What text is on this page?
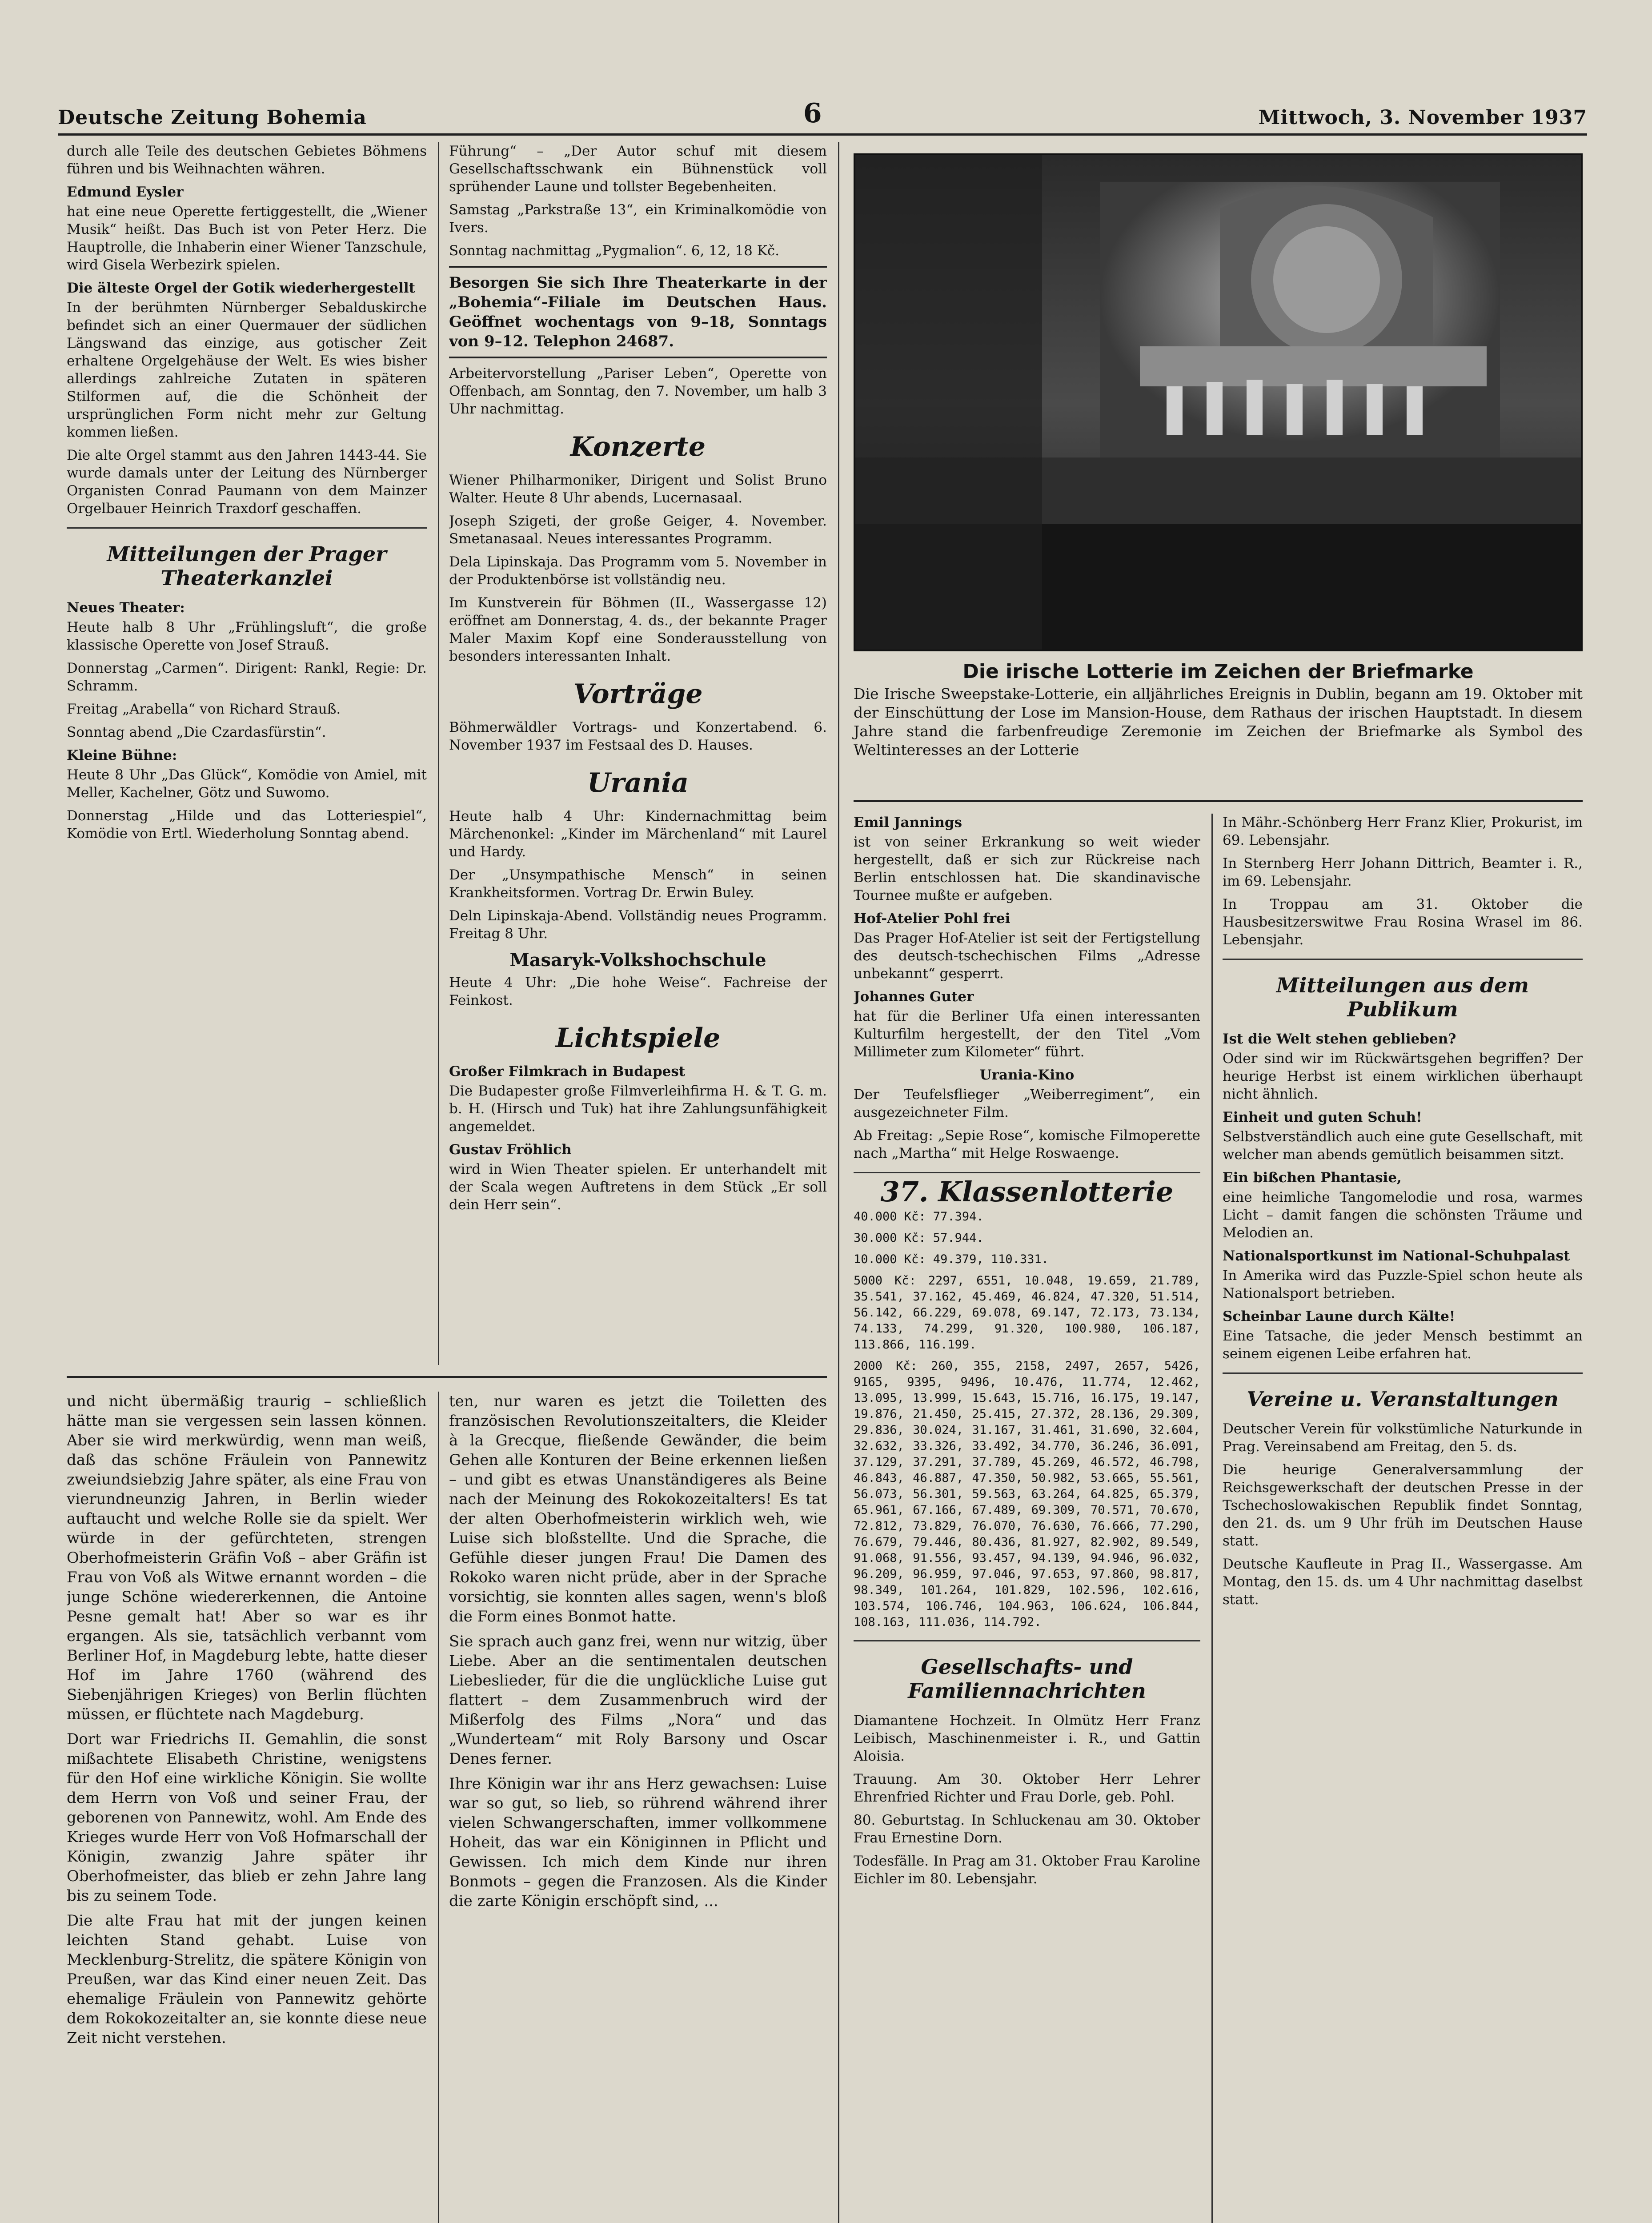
Deutsche Zeitung Bohemia	6	Mittwoch, 3. November 1937

durch alle Teile des deutschen Gebietes Böhmens führen und bis Weihnachten währen.

Edmund Eysler

hat eine neue Operette fertiggestellt, die „Wiener Musik“ heißt. Das Buch ist von Peter Herz. Die Hauptrolle, die Inhaberin einer Wiener Tanzschule, wird Gisela Werbezirk spielen.

Die älteste Orgel der Gotik wiederhergestellt

In der berühmten Nürnberger Sebalduskirche befindet sich an einer Quermauer der südlichen Längswand das einzige, aus gotischer Zeit erhaltene Orgelgehäuse der Welt. Es wies bisher allerdings zahlreiche Zutaten in späteren Stilformen auf, die die Schönheit der ursprünglichen Form nicht mehr zur Geltung kommen ließen.

Die alte Orgel stammt aus den Jahren 1443-44. Sie wurde damals unter der Leitung des Nürnberger Organisten Conrad Paumann von dem Mainzer Orgelbauer Heinrich Traxdorf geschaffen.

Mitteilungen der Prager Theaterkanzlei

Neues Theater:

Heute halb 8 Uhr „Frühlingsluft“, die große klassische Operette von Josef Strauß.

Donnerstag „Carmen“. Dirigent: Rankl, Regie: Dr. Schramm.

Freitag „Arabella“ von Richard Strauß.

Sonntag abend „Die Czardasfürstin“.

Kleine Bühne:

Heute 8 Uhr „Das Glück“, Komödie von Amiel, mit Meller, Kachelner, Götz und Suwomo.

Donnerstag „Hilde und das Lotteriespiel“, Komödie von Ertl. Wiederholung Sonntag abend.

Führung“ – „Der Autor schuf mit diesem Gesellschaftsschwank ein Bühnenstück voll sprühender Laune und tollster Begebenheiten.

Samstag „Parkstraße 13“, ein Kriminalkomödie von Ivers.

Sonntag nachmittag „Pygmalion“. 6, 12, 18 Kč.

Besorgen Sie sich Ihre Theaterkarte in der „Bohemia“-Filiale im Deutschen Haus. Geöffnet wochentags von 9–18, Sonntags von 9–12. Telephon 24687.

Arbeitervorstellung „Pariser Leben“, Operette von Offenbach, am Sonntag, den 7. November, um halb 3 Uhr nachmittag.

Konzerte

Wiener Philharmoniker, Dirigent und Solist Bruno Walter. Heute 8 Uhr abends, Lucernasaal.

Joseph Szigeti, der große Geiger, 4. November. Smetanasaal. Neues interessantes Programm.

Dela Lipinskaja. Das Programm vom 5. November in der Produktenbörse ist vollständig neu.

Im Kunstverein für Böhmen (II., Wassergasse 12) eröffnet am Donnerstag, 4. ds., der bekannte Prager Maler Maxim Kopf eine Sonderausstellung von besonders interessanten Inhalt.

Vorträge

Böhmerwäldler Vortrags- und Konzertabend. 6. November 1937 im Festsaal des D. Hauses.

Urania

Heute halb 4 Uhr: Kindernachmittag beim Märchenonkel: „Kinder im Märchenland“ mit Laurel und Hardy.

Der „Unsympathische Mensch“ in seinen Krankheitsformen. Vortrag Dr. Erwin Buley.

Deln Lipinskaja-Abend. Vollständig neues Programm. Freitag 8 Uhr.

Masaryk-Volkshochschule

Heute 4 Uhr: „Die hohe Weise“. Fachreise der Feinkost.

Lichtspiele

Großer Filmkrach in Budapest

Die Budapester große Filmverleihfirma H. & T. G. m. b. H. (Hirsch und Tuk) hat ihre Zahlungsunfähigkeit angemeldet.

Gustav Fröhlich

wird in Wien Theater spielen. Er unterhandelt mit der Scala wegen Auftretens in dem Stück „Er soll dein Herr sein“.

Die irische Lotterie im Zeichen der Briefmarke
Die Irische Sweepstake-Lotterie, ein alljährliches Ereignis in Dublin, begann am 19. Oktober mit der Einschüttung der Lose im Mansion-House, dem Rathaus der irischen Hauptstadt. In diesem Jahre stand die farbenfreudige Zeremonie im Zeichen der Briefmarke als Symbol des Weltinteresses an der Lotterie

Emil Jannings

ist von seiner Erkrankung so weit wieder hergestellt, daß er sich zur Rückreise nach Berlin entschlossen hat. Die skandinavische Tournee mußte er aufgeben.

Hof-Atelier Pohl frei

Das Prager Hof-Atelier ist seit der Fertigstellung des deutsch-tschechischen Films „Adresse unbekannt“ gesperrt.

Johannes Guter

hat für die Berliner Ufa einen interessanten Kulturfilm hergestellt, der den Titel „Vom Millimeter zum Kilometer“ führt.

Urania-Kino

Der Teufelsflieger „Weiberregiment“, ein ausgezeichneter Film.

Ab Freitag: „Sepie Rose“, komische Filmoperette nach „Martha“ mit Helge Roswaenge.

37. Klassenlotterie

40.000 Kč: 77.394.

30.000 Kč: 57.944.

10.000 Kč: 49.379, 110.331.

5000 Kč: 2297, 6551, 10.048, 19.659, 21.789, 35.541, 37.162, 45.469, 46.824, 47.320, 51.514, 56.142, 66.229, 69.078, 69.147, 72.173, 73.134, 74.133, 74.299, 91.320, 100.980, 106.187, 113.866, 116.199.

2000 Kč: 260, 355, 2158, 2497, 2657, 5426, 9165, 9395, 9496, 10.476, 11.774, 12.462, 13.095, 13.999, 15.643, 15.716, 16.175, 19.147, 19.876, 21.450, 25.415, 27.372, 28.136, 29.309, 29.836, 30.024, 31.167, 31.461, 31.690, 32.604, 32.632, 33.326, 33.492, 34.770, 36.246, 36.091, 37.129, 37.291, 37.789, 45.269, 46.572, 46.798, 46.843, 46.887, 47.350, 50.982, 53.665, 55.561, 56.073, 56.301, 59.563, 63.264, 64.825, 65.379, 65.961, 67.166, 67.489, 69.309, 70.571, 70.670, 72.812, 73.829, 76.070, 76.630, 76.666, 77.290, 76.679, 79.446, 80.436, 81.927, 82.902, 89.549, 91.068, 91.556, 93.457, 94.139, 94.946, 96.032, 96.209, 96.959, 97.046, 97.653, 97.860, 98.817, 98.349, 101.264, 101.829, 102.596, 102.616, 103.574, 106.746, 104.963, 106.624, 106.844, 108.163, 111.036, 114.792.

Gesellschafts- und Familiennachrichten

Diamantene Hochzeit. In Olmütz Herr Franz Leibisch, Maschinenmeister i. R., und Gattin Aloisia.

Trauung. Am 30. Oktober Herr Lehrer Ehrenfried Richter und Frau Dorle, geb. Pohl.

80. Geburtstag. In Schluckenau am 30. Oktober Frau Ernestine Dorn.

Todesfälle. In Prag am 31. Oktober Frau Karoline Eichler im 80. Lebensjahr.

In Mähr.-Schönberg Herr Franz Klier, Prokurist, im 69. Lebensjahr.

In Sternberg Herr Johann Dittrich, Beamter i. R., im 69. Lebensjahr.

In Troppau am 31. Oktober die Hausbesitzerswitwe Frau Rosina Wrasel im 86. Lebensjahr.

Mitteilungen aus dem Publikum

Ist die Welt stehen geblieben?

Oder sind wir im Rückwärtsgehen begriffen? Der heurige Herbst ist einem wirklichen überhaupt nicht ähnlich.

Einheit und guten Schuh!

Selbstverständlich auch eine gute Gesellschaft, mit welcher man abends gemütlich beisammen sitzt.

Ein bißchen Phantasie,

eine heimliche Tangomelodie und rosa, warmes Licht – damit fangen die schönsten Träume und Melodien an.

Nationalsportkunst im National-Schuhpalast

In Amerika wird das Puzzle-Spiel schon heute als Nationalsport betrieben.

Scheinbar Laune durch Kälte!

Eine Tatsache, die jeder Mensch bestimmt an seinem eigenen Leibe erfahren hat.

Vereine u. Veranstaltungen

Deutscher Verein für volkstümliche Naturkunde in Prag. Vereinsabend am Freitag, den 5. ds.

Die heurige Generalversammlung der Reichsgewerkschaft der deutschen Presse in der Tschechoslowakischen Republik findet Sonntag, den 21. ds. um 9 Uhr früh im Deutschen Hause statt.

Deutsche Kaufleute in Prag II., Wassergasse. Am Montag, den 15. ds. um 4 Uhr nachmittag daselbst statt.

und nicht übermäßig traurig – schließlich hätte man sie vergessen sein lassen können. Aber sie wird merkwürdig, wenn man weiß, daß das schöne Fräulein von Pannewitz zweiundsiebzig Jahre später, als eine Frau von vierundneunzig Jahren, in Berlin wieder auftaucht und welche Rolle sie da spielt. Wer würde in der gefürchteten, strengen Oberhofmeisterin Gräfin Voß – aber Gräfin ist Frau von Voß als Witwe ernannt worden – die junge Schöne wiedererkennen, die Antoine Pesne gemalt hat! Aber so war es ihr ergangen. Als sie, tatsächlich verbannt vom Berliner Hof, in Magdeburg lebte, hatte dieser Hof im Jahre 1760 (während des Siebenjährigen Krieges) von Berlin flüchten müssen, er flüchtete nach Magdeburg.

Dort war Friedrichs II. Gemahlin, die sonst mißachtete Elisabeth Christine, wenigstens für den Hof eine wirkliche Königin. Sie wollte dem Herrn von Voß und seiner Frau, der geborenen von Pannewitz, wohl. Am Ende des Krieges wurde Herr von Voß Hofmarschall der Königin, zwanzig Jahre später ihr Oberhofmeister, das blieb er zehn Jahre lang bis zu seinem Tode.

Die alte Frau hat mit der jungen keinen leichten Stand gehabt. Luise von Mecklenburg-Strelitz, die spätere Königin von Preußen, war das Kind einer neuen Zeit. Das ehemalige Fräulein von Pannewitz gehörte dem Rokokozeitalter an, sie konnte diese neue Zeit nicht verstehen.

ten, nur waren es jetzt die Toiletten des französischen Revolutionszeitalters, die Kleider à la Grecque, fließende Gewänder, die beim Gehen alle Konturen der Beine erkennen ließen – und gibt es etwas Unanständigeres als Beine nach der Meinung des Rokokozeitalters! Es tat der alten Oberhofmeisterin wirklich weh, wie Luise sich bloßstellte. Und die Sprache, die Gefühle dieser jungen Frau! Die Damen des Rokoko waren nicht prüde, aber in der Sprache vorsichtig, sie konnten alles sagen, wenn's bloß die Form eines Bonmot hatte.

Sie sprach auch ganz frei, wenn nur witzig, über Liebe. Aber an die sentimentalen deutschen Liebeslieder, für die die unglückliche Luise gut flattert – dem Zusammenbruch wird der Mißerfolg des Films „Nora“ und das „Wunderteam“ mit Roly Barsony und Oscar Denes ferner.

Ihre Königin war ihr ans Herz gewachsen: Luise war so gut, so lieb, so rührend während ihrer vielen Schwangerschaften, immer vollkommene Hoheit, das war ein Königinnen in Pflicht und Gewissen. Ich mich dem Kinde nur ihren Bonmots – gegen die Franzosen. Als die Kinder die zarte Königin erschöpft sind, ...
